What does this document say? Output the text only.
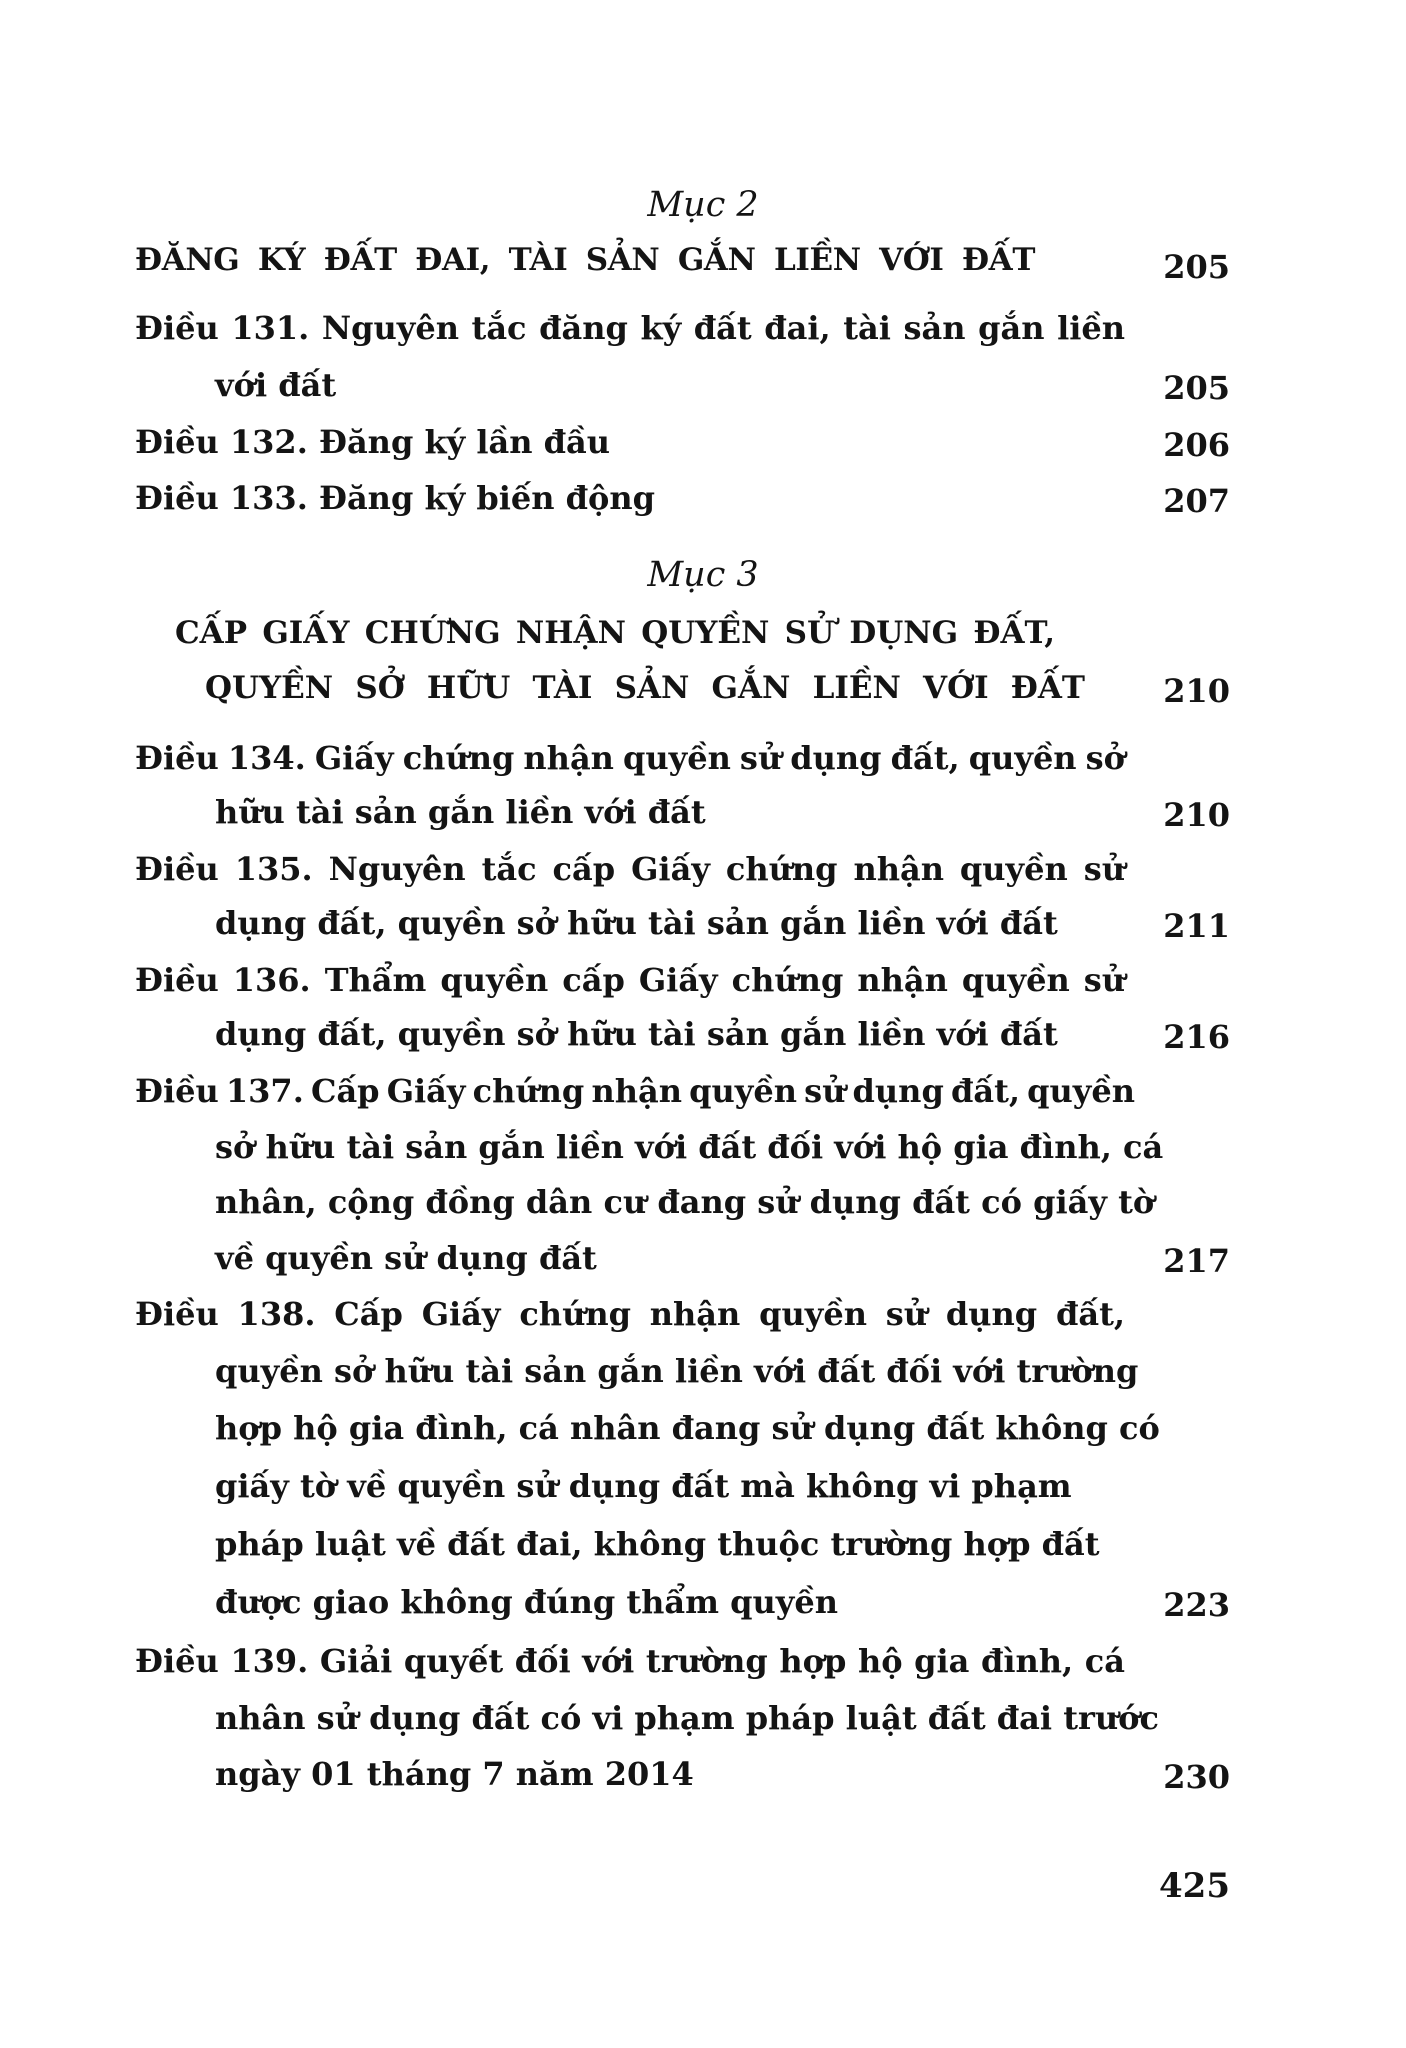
Mục 2
ĐĂNG KÝ ĐẤT ĐAI, TÀI SẢN GẮN LIỀN VỚI ĐẤT	205
Điều 131. Nguyên tắc đăng ký đất đai, tài sản gắn liền
với đất	205
Điều 132. Đăng ký lần đầu	206
Điều 133. Đăng ký biến động	207
Mục 3
CẤP GIẤY CHỨNG NHẬN QUYỀN SỬ DỤNG ĐẤT,
QUYỀN SỞ HỮU TÀI SẢN GẮN LIỀN VỚI ĐẤT	210
Điều 134. Giấy chứng nhận quyền sử dụng đất, quyền sở
hữu tài sản gắn liền với đất	210
Điều 135. Nguyên tắc cấp Giấy chứng nhận quyền sử
dụng đất, quyền sở hữu tài sản gắn liền với đất	211
Điều 136. Thẩm quyền cấp Giấy chứng nhận quyền sử
dụng đất, quyền sở hữu tài sản gắn liền với đất	216
Điều 137. Cấp Giấy chứng nhận quyền sử dụng đất, quyền
sở hữu tài sản gắn liền với đất đối với hộ gia đình, cá
nhân, cộng đồng dân cư đang sử dụng đất có giấy tờ
về quyền sử dụng đất	217
Điều 138. Cấp Giấy chứng nhận quyền sử dụng đất,
quyền sở hữu tài sản gắn liền với đất đối với trường
hợp hộ gia đình, cá nhân đang sử dụng đất không có
giấy tờ về quyền sử dụng đất mà không vi phạm
pháp luật về đất đai, không thuộc trường hợp đất
được giao không đúng thẩm quyền	223
Điều 139. Giải quyết đối với trường hợp hộ gia đình, cá
nhân sử dụng đất có vi phạm pháp luật đất đai trước
ngày 01 tháng 7 năm 2014	230
425
